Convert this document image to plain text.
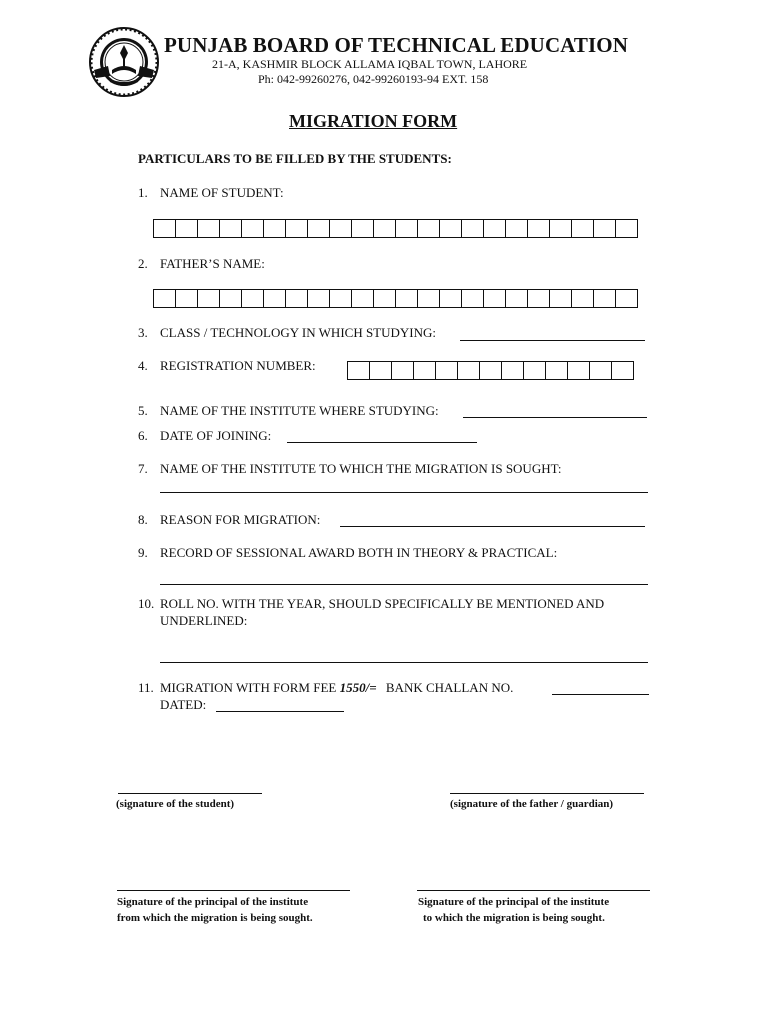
PUNJAB BOARD OF TECHNICAL EDUCATION
21-A, KASHMIR BLOCK ALLAMA IQBAL TOWN, LAHORE
Ph: 042-99260276, 042-99260193-94 EXT. 158
MIGRATION FORM
PARTICULARS TO BE FILLED BY THE STUDENTS:
1. NAME OF STUDENT:
2. FATHER’S NAME:
3. CLASS / TECHNOLOGY IN WHICH STUDYING:
4. REGISTRATION NUMBER:
5. NAME OF THE INSTITUTE WHERE STUDYING:
6. DATE OF JOINING:
7. NAME OF THE INSTITUTE TO WHICH THE MIGRATION IS SOUGHT:
8. REASON FOR MIGRATION:
9. RECORD OF SESSIONAL AWARD BOTH IN THEORY & PRACTICAL:
10. ROLL NO. WITH THE YEAR, SHOULD SPECIFICALLY BE MENTIONED AND
UNDERLINED:
11. MIGRATION WITH FORM FEE 1550/= BANK CHALLAN NO.
DATED:
(signature of the student)	(signature of the father / guardian)
Signature of the principal of the institute
from which the migration is being sought.
Signature of the principal of the institute
to which the migration is being sought.
